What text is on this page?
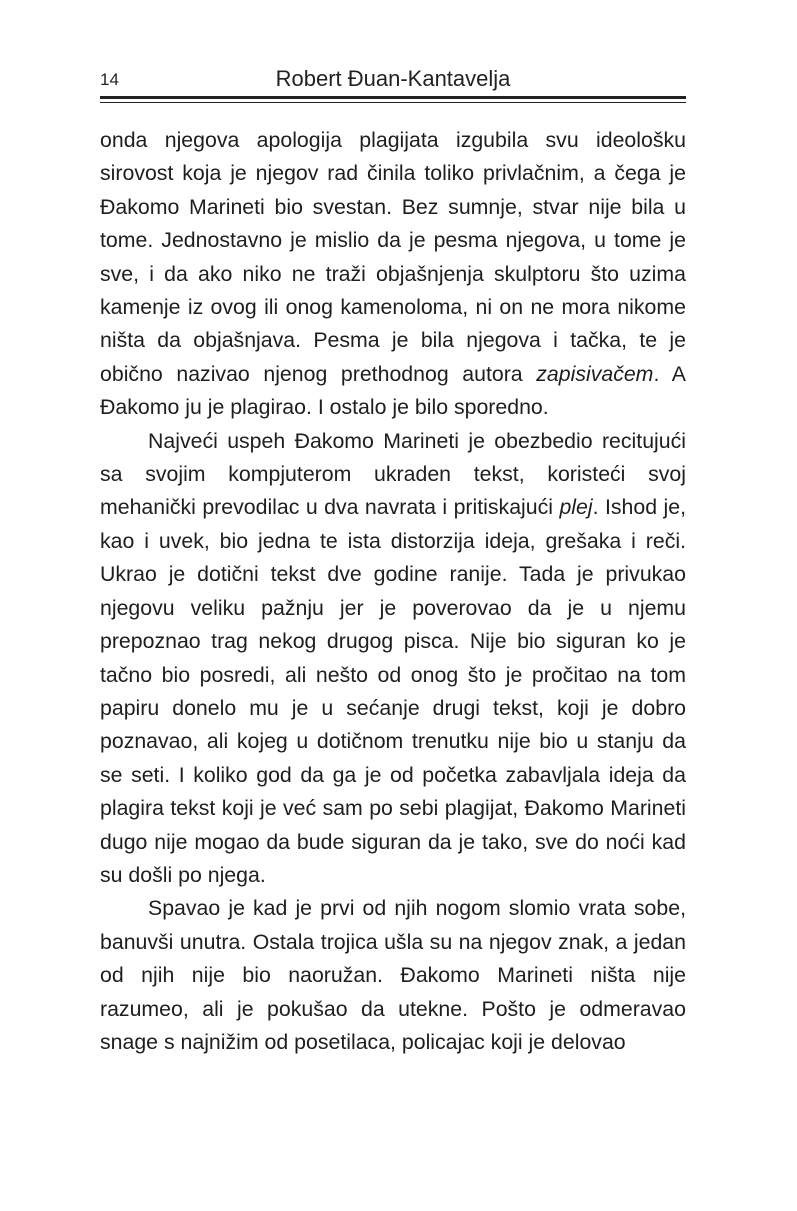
14	Robert Đuan-Kantavelja

onda njegova apologija plagijata izgubila svu ideološku sirovost koja je njegov rad činila toliko privlačnim, a čega je Đakomo Marineti bio svestan. Bez sumnje, stvar nije bila u tome. Jednostavno je mislio da je pesma njegova, u tome je sve, i da ako niko ne traži objašnjenja skulptoru što uzima kamenje iz ovog ili onog kamenoloma, ni on ne mora nikome ništa da objašnjava. Pesma je bila njegova i tačka, te je obično nazivao njenog prethodnog autora zapisivačem. A Đakomo ju je plagirao. I ostalo je bilo sporedno.

Najveći uspeh Đakomo Marineti je obezbedio recitujući sa svojim kompjuterom ukraden tekst, koristeći svoj mehanički prevodilac u dva navrata i pritiskajući plej. Ishod je, kao i uvek, bio jedna te ista distorzija ideja, grešaka i reči. Ukrao je dotični tekst dve godine ranije. Tada je privukao njegovu veliku pažnju jer je poverovao da je u njemu prepoznao trag nekog drugog pisca. Nije bio siguran ko je tačno bio posredi, ali nešto od onog što je pročitao na tom papiru donelo mu je u sećanje drugi tekst, koji je dobro poznavao, ali kojeg u dotičnom trenutku nije bio u stanju da se seti. I koliko god da ga je od početka zabavljala ideja da plagira tekst koji je već sam po sebi plagijat, Đakomo Marineti dugo nije mogao da bude siguran da je tako, sve do noći kad su došli po njega.

Spavao je kad je prvi od njih nogom slomio vrata sobe, banuvši unutra. Ostala trojica ušla su na njegov znak, a jedan od njih nije bio naoružan. Đakomo Marineti ništa nije razumeo, ali je pokušao da utekne. Pošto je odmeravao snage s najnižim od posetilaca, policajac koji je delovao
